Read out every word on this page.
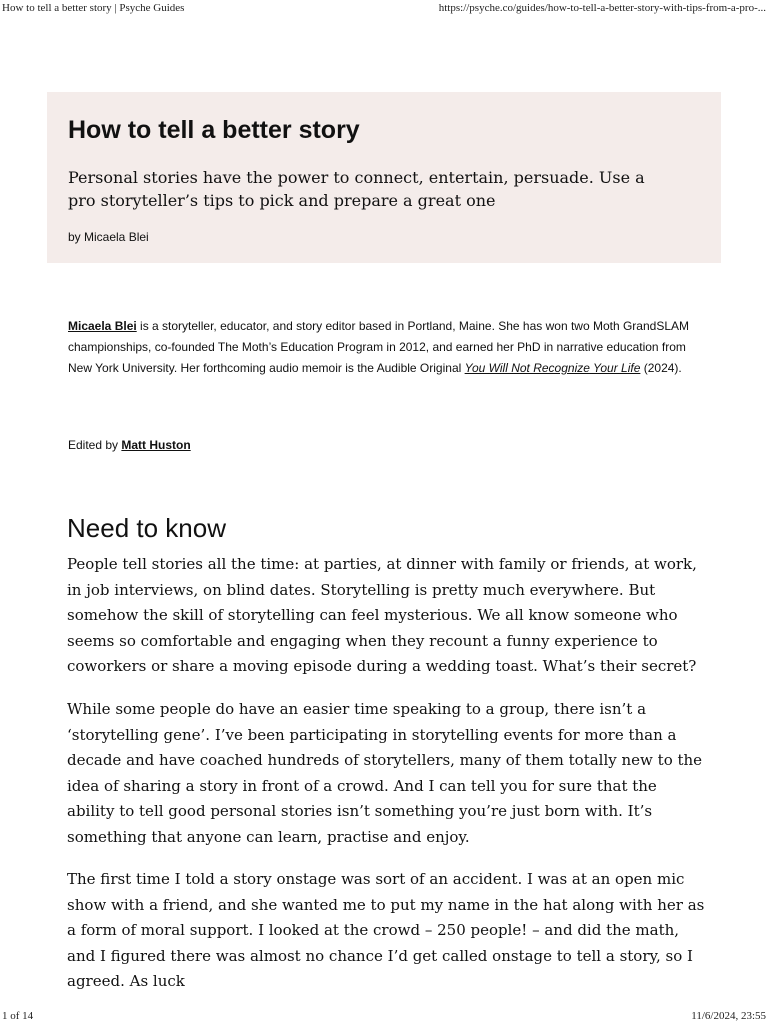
How to tell a better story | Psyche Guides	https://psyche.co/guides/how-to-tell-a-better-story-with-tips-from-a-pro-...
How to tell a better story

Personal stories have the power to connect, entertain, persuade. Use a pro storyteller’s tips to pick and prepare a great one

by Micaela Blei

Micaela Blei is a storyteller, educator, and story editor based in Portland, Maine. She has won two Moth GrandSLAM championships, co-founded The Moth’s Education Program in 2012, and earned her PhD in narrative education from New York University. Her forthcoming audio memoir is the Audible Original You Will Not Recognize Your Life (2024).

Edited by Matt Huston

Need to know

People tell stories all the time: at parties, at dinner with family or friends, at work, in job interviews, on blind dates. Storytelling is pretty much everywhere. But somehow the skill of storytelling can feel mysterious. We all know someone who seems so comfortable and engaging when they recount a funny experience to coworkers or share a moving episode during a wedding toast. What’s their secret?

While some people do have an easier time speaking to a group, there isn’t a ‘storytelling gene’. I’ve been participating in storytelling events for more than a decade and have coached hundreds of storytellers, many of them totally new to the idea of sharing a story in front of a crowd. And I can tell you for sure that the ability to tell good personal stories isn’t something you’re just born with. It’s something that anyone can learn, practise and enjoy.

The first time I told a story onstage was sort of an accident. I was at an open mic show with a friend, and she wanted me to put my name in the hat along with her as a form of moral support. I looked at the crowd – 250 people! – and did the math, and I figured there was almost no chance I’d get called onstage to tell a story, so I agreed. As luck

1 of 14	11/6/2024, 23:55
